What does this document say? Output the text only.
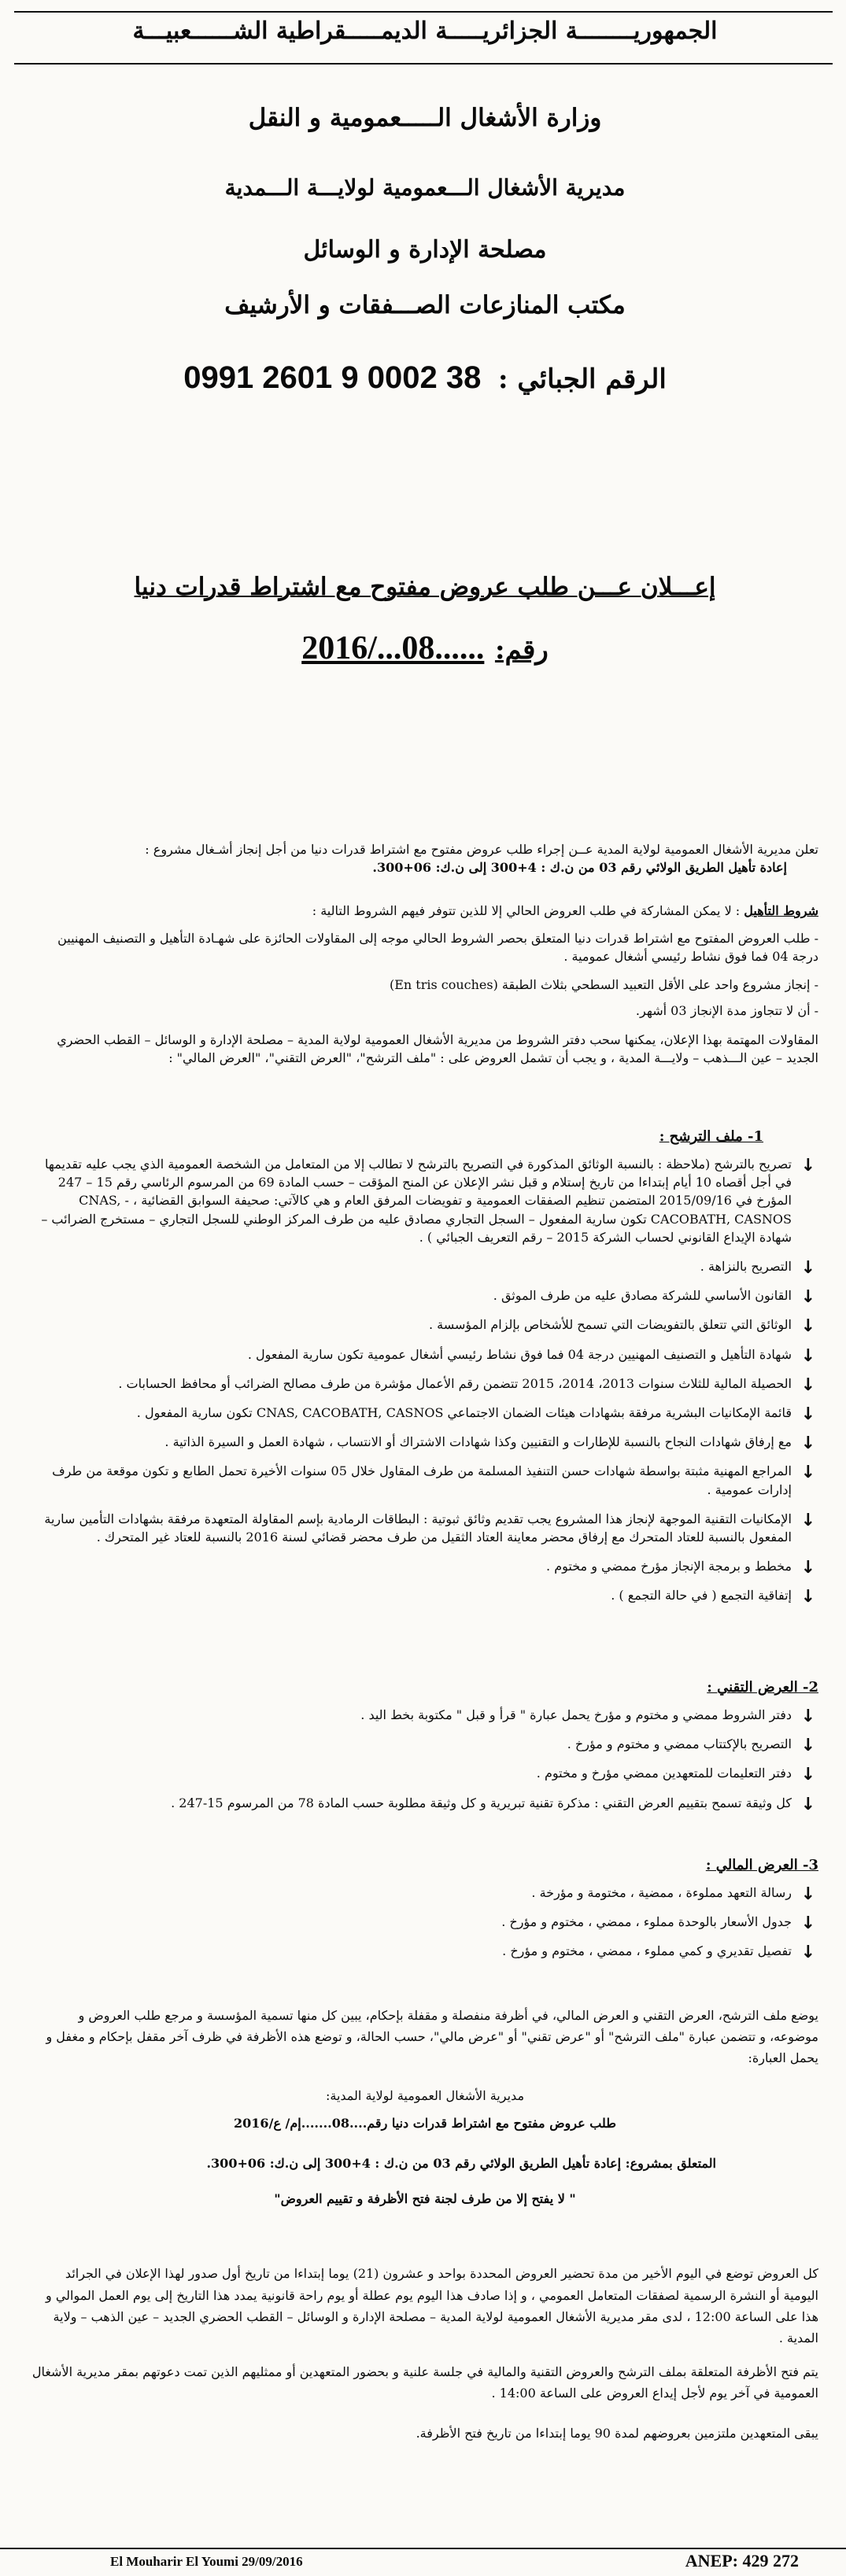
الجمهوريــــــــة الجزائريـــــة الديمـــــقراطية الشــــــعبيـــة
وزارة الأشغال الـــــعمومية و النقل
مديرية الأشغال الـــعمومية لولايـــة الـــمدية
مصلحة الإدارة و الوسائل
مكتب المنازعات الصـــفقات و الأرشيف
الرقم الجبائي : 0991 2601 9 0002 38
إعـــلان عـــن طلب عروض مفتوح مع اشتراط قدرات دنيا
رقم: 2016/...08......
تعلن مديرية الأشغال العمومية لولاية المدية عــن إجراء طلب عروض مفتوح مع اشتراط قدرات دنيا من أجل إنجاز أشـغال مشروع :
إعادة تأهيل الطريق الولائي رقم 03 من ن.ك : 4+300 إلى ن.ك: 06+300.
شروط التأهيل : لا يمكن المشاركة في طلب العروض الحالي إلا للذين تتوفر فيهم الشروط التالية :
- طلب العروض المفتوح مع اشتراط قدرات دنيا المتعلق بحصر الشروط الحالي موجه إلى المقاولات الحائزة على شهـادة التأهيل و التصنيف المهنيين درجة 04 فما فوق نشاط رئيسي أشغال عمومية .
- إنجاز مشروع واحد على الأقل التعبيد السطحي بثلاث الطبقة (En tris couches)
- أن لا تتجاوز مدة الإنجاز 03 أشهر.
المقاولات المهتمة بهذا الإعلان، يمكنها سحب دفتر الشروط من مديرية الأشغال العمومية لولاية المدية – مصلحة الإدارة و الوسائل – القطب الحضري الجديد – عين الـــذهب – ولايـــة المدية ، و يجب أن تشمل العروض على : "ملف الترشح"، "العرض التقني"، "العرض المالي" :
1- ملف الترشح :
↓ تصريح بالترشح (ملاحظة : بالنسبة الوثائق المذكورة في التصريح بالترشح لا تطالب إلا من المتعامل من الشخصة العمومية الذي يجب عليه تقديمها في أجل أقصاه 10 أيام إبتداءا من تاريخ إستلام و قبل نشر الإعلان عن المنح المؤقت – حسب المادة 69 من المرسوم الرئاسي رقم 15 – 247 المؤرخ في 2015/09/16 المتضمن تنظيم الصفقات العمومية و تفويضات المرفق العام و هي كالآتي: صحيفة السوابق القضائية ، - CNAS, CACOBATH, CASNOS تكون سارية المفعول – السجل التجاري مصادق عليه من طرف المركز الوطني للسجل التجاري – مستخرج الضرائب – شهادة الإيداع القانوني لحساب الشركة 2015 – رقم التعريف الجبائي ) .
↓ التصريح بالنزاهة .
↓ القانون الأساسي للشركة مصادق عليه من طرف الموثق .
↓ الوثائق التي تتعلق بالتفويضات التي تسمح للأشخاص بإلزام المؤسسة .
↓ شهادة التأهيل و التصنيف المهنيين درجة 04 فما فوق نشاط رئيسي أشغال عمومية تكون سارية المفعول .
↓ الحصيلة المالية للثلاث سنوات 2013، 2014، 2015 تتضمن رقم الأعمال مؤشرة من طرف مصالح الضرائب أو محافظ الحسابات .
↓ قائمة الإمكانيات البشرية مرفقة بشهادات هيئات الضمان الاجتماعي CNAS, CACOBATH, CASNOS تكون سارية المفعول .
↓ مع إرفاق شهادات النجاح بالنسبة للإطارات و التقنيين وكذا شهادات الاشتراك أو الانتساب ، شهادة العمل و السيرة الذاتية .
↓ المراجع المهنية مثبتة بواسطة شهادات حسن التنفيذ المسلمة من طرف المقاول خلال 05 سنوات الأخيرة تحمل الطابع و تكون موقعة من طرف إدارات عمومية .
↓ الإمكانيات التقنية الموجهة لإنجاز هذا المشروع يجب تقديم وثائق ثبوتية : البطاقات الرمادية بإسم المقاولة المتعهدة مرفقة بشهادات التأمين سارية المفعول بالنسبة للعتاد المتحرك مع إرفاق محضر معاينة العتاد الثقيل من طرف محضر قضائي لسنة 2016 بالنسبة للعتاد غير المتحرك .
↓ مخطط و برمجة الإنجاز مؤرخ ممضي و مختوم .
↓ إتفاقية التجمع ( في حالة التجمع ) .
2- العرض التقني :
↓ دفتر الشروط ممضي و مختوم و مؤرخ يحمل عبارة " قرأ و قبل " مكتوبة بخط اليد .
↓ التصريح بالإكتتاب ممضي و مختوم و مؤرخ .
↓ دفتر التعليمات للمتعهدين ممضي مؤرخ و مختوم .
↓ كل وثيقة تسمح بتقييم العرض التقني : مذكرة تقنية تبريرية و كل وثيقة مطلوبة حسب المادة 78 من المرسوم 15-247 .
3- العرض المالي :
↓ رسالة التعهد مملوءة ، ممضية ، مختومة و مؤرخة .
↓ جدول الأسعار بالوحدة مملوء ، ممضي ، مختوم و مؤرخ .
↓ تفصيل تقديري و كمي مملوء ، ممضي ، مختوم و مؤرخ .
يوضع ملف الترشح، العرض التقني و العرض المالي، في أظرفة منفصلة و مقفلة بإحكام، يبين كل منها تسمية المؤسسة و مرجع طلب العروض و موضوعه، و تتضمن عبارة "ملف الترشح" أو "عرض تقني" أو "عرض مالي"، حسب الحالة، و توضع هذه الأظرفة في ظرف آخر مقفل بإحكام و مغفل و يحمل العبارة:
مديرية الأشغال العمومية لولاية المدية:
طلب عروض مفتوح مع اشتراط قدرات دنيا رقم....08.......إم/ ع/2016
المتعلق بمشروع: إعادة تأهيل الطريق الولائي رقم 03 من ن.ك : 4+300 إلى ن.ك: 06+300.
" لا يفتح إلا من طرف لجنة فتح الأظرفة و تقييم العروض"
كل العروض توضع في اليوم الأخير من مدة تحضير العروض المحددة بواحد و عشرون (21) يوما إبتداءا من تاريخ أول صدور لهذا الإعلان في الجرائد اليومية أو النشرة الرسمية لصفقات المتعامل العمومي ، و إذا صادف هذا اليوم يوم عطلة أو يوم راحة قانونية يمدد هذا التاريخ إلى يوم العمل الموالي و هذا على الساعة 12:00 ، لدى مقر مديرية الأشغال العمومية لولاية المدية – مصلحة الإدارة و الوسائل – القطب الحضري الجديد – عين الذهب – ولاية المدية .
يتم فتح الأظرفة المتعلقة بملف الترشح والعروض التقنية والمالية في جلسة علنية و بحضور المتعهدين أو ممثليهم الذين تمت دعوتهم بمقر مديرية الأشغال العمومية في آخر يوم لأجل إيداع العروض على الساعة 14:00 .
يبقى المتعهدين ملتزمين بعروضهم لمدة 90 يوما إبتداءا من تاريخ فتح الأظرفة.
El Mouharir El Youmi 29/09/2016	ANEP: 429 272
